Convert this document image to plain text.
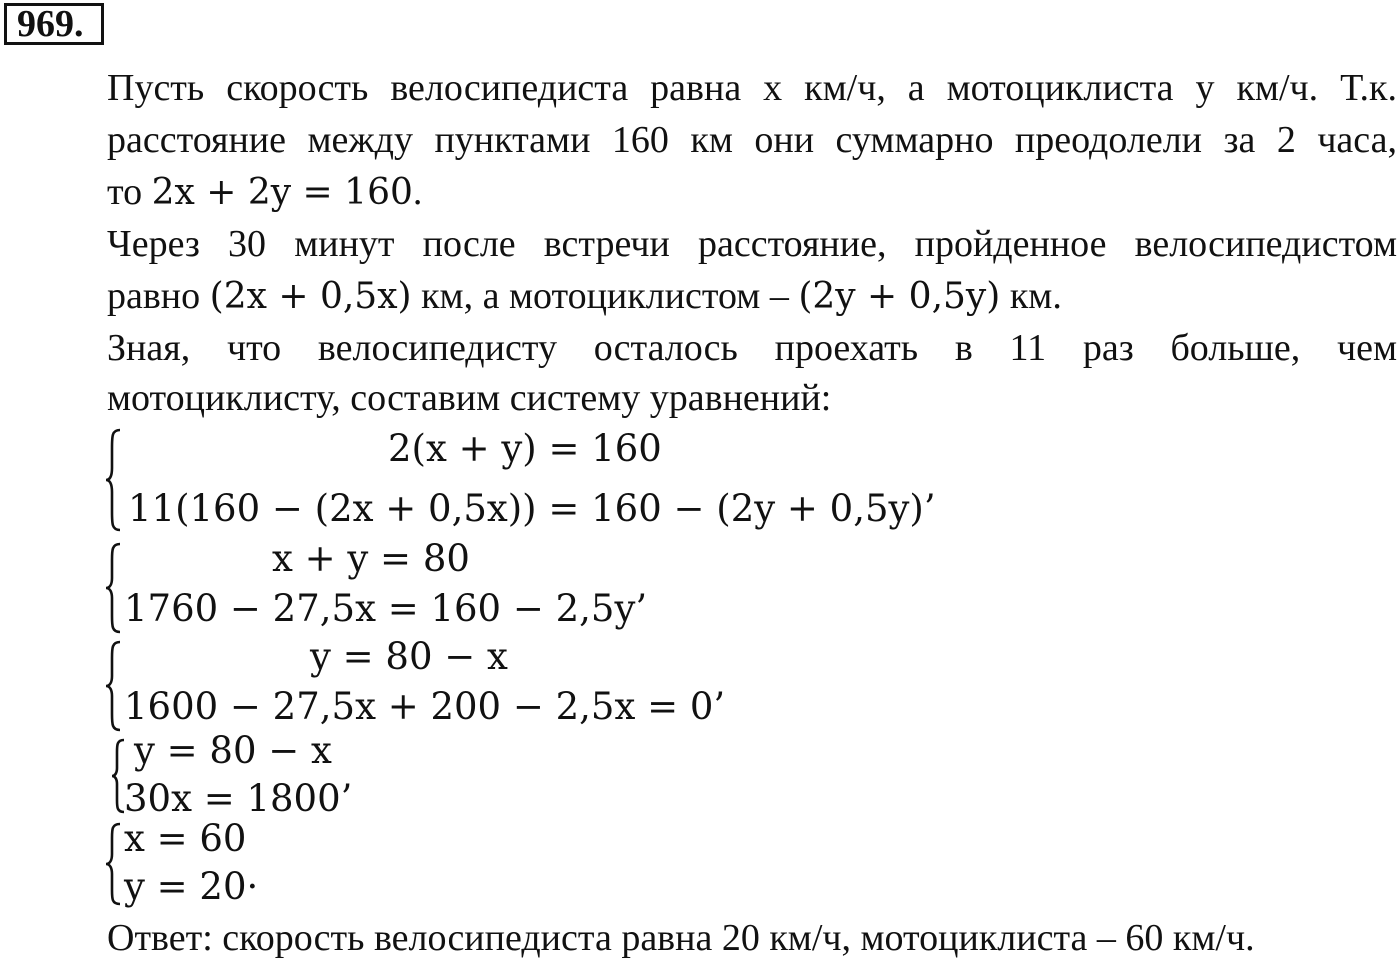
969.
Пусть скорость велосипедиста равна x км/ч, а мотоциклиста y км/ч. Т.к.
расстояние между пунктами 160 км они суммарно преодолели за 2 часа,
то 2x + 2y = 160.
Через 30 минут после встречи расстояние, пройденное велосипедистом
равно (2x + 0,5x) км, а мотоциклистом – (2y + 0,5y) км.
Зная, что велосипедисту осталось проехать в 11 раз больше, чем
мотоциклисту, составим систему уравнений:
2(x + y) = 160
11(160 − (2x + 0,5x)) = 160 − (2y + 0,5y)’
x + y = 80
1760 − 27,5x = 160 − 2,5y’
y = 80 − x
1600 − 27,5x + 200 − 2,5x = 0’
y = 80 − x
30x = 1800’
x = 60
y = 20·
Ответ: скорость велосипедиста равна 20 км/ч, мотоциклиста – 60 км/ч.
